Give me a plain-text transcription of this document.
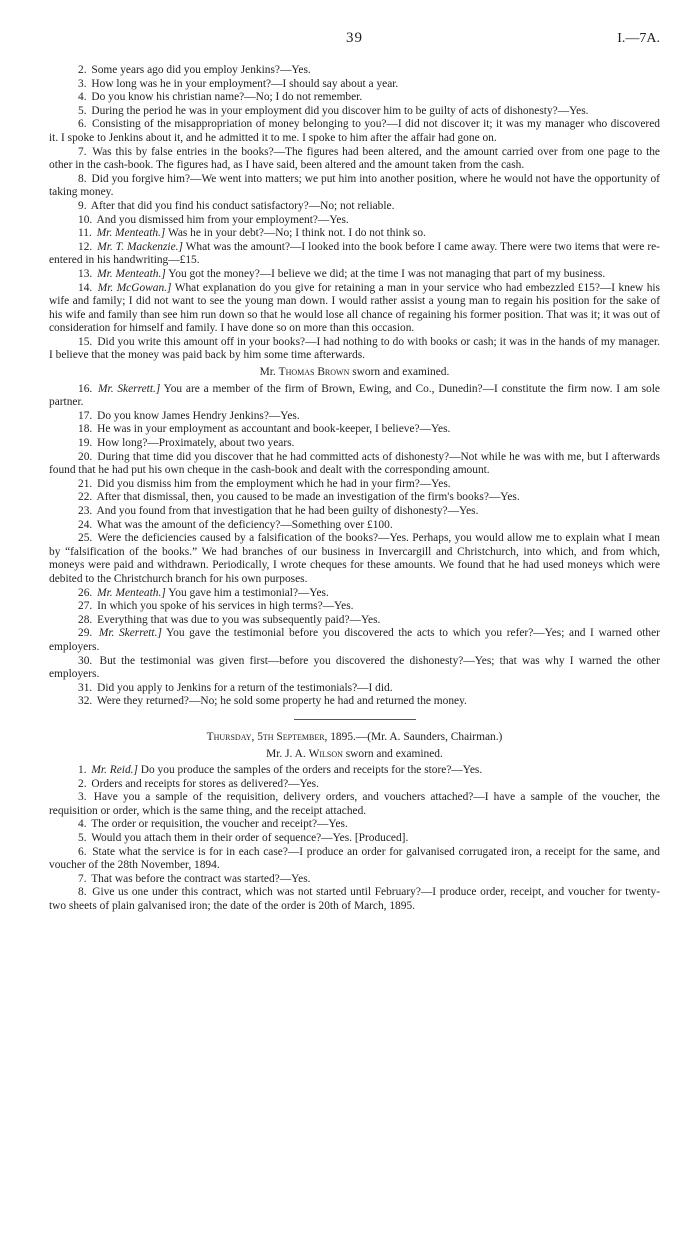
39	I.—7A.

2. Some years ago did you employ Jenkins?—Yes.

3. How long was he in your employment?—I should say about a year.

4. Do you know his christian name?—No; I do not remember.

5. During the period he was in your employment did you discover him to be guilty of acts of dishonesty?—Yes.

6. Consisting of the misappropriation of money belonging to you?—I did not discover it; it was my manager who discovered it. I spoke to Jenkins about it, and he admitted it to me. I spoke to him after the affair had gone on.

7. Was this by false entries in the books?—The figures had been altered, and the amount carried over from one page to the other in the cash-book. The figures had, as I have said, been altered and the amount taken from the cash.

8. Did you forgive him?—We went into matters; we put him into another position, where he would not have the opportunity of taking money.

9. After that did you find his conduct satisfactory?—No; not reliable.

10. And you dismissed him from your employment?—Yes.

11. Mr. Menteath.] Was he in your debt?—No; I think not. I do not think so.

12. Mr. T. Mackenzie.] What was the amount?—I looked into the book before I came away. There were two items that were re-entered in his handwriting—£15.

13. Mr. Menteath.] You got the money?—I believe we did; at the time I was not managing that part of my business.

14. Mr. McGowan.] What explanation do you give for retaining a man in your service who had embezzled £15?—I knew his wife and family; I did not want to see the young man down. I would rather assist a young man to regain his position for the sake of his wife and family than see him run down so that he would lose all chance of regaining his former position. That was it; it was out of consideration for himself and family. I have done so on more than this occasion.

15. Did you write this amount off in your books?—I had nothing to do with books or cash; it was in the hands of my manager. I believe that the money was paid back by him some time afterwards.

Mr. Thomas Brown sworn and examined.

16. Mr. Skerrett.] You are a member of the firm of Brown, Ewing, and Co., Dunedin?—I constitute the firm now. I am sole partner.

17. Do you know James Hendry Jenkins?—Yes.

18. He was in your employment as accountant and book-keeper, I believe?—Yes.

19. How long?—Proximately, about two years.

20. During that time did you discover that he had committed acts of dishonesty?—Not while he was with me, but I afterwards found that he had put his own cheque in the cash-book and dealt with the corresponding amount.

21. Did you dismiss him from the employment which he had in your firm?—Yes.

22. After that dismissal, then, you caused to be made an investigation of the firm's books?—Yes.

23. And you found from that investigation that he had been guilty of dishonesty?—Yes.

24. What was the amount of the deficiency?—Something over £100.

25. Were the deficiencies caused by a falsification of the books?—Yes. Perhaps, you would allow me to explain what I mean by “falsification of the books.” We had branches of our business in Invercargill and Christchurch, into which, and from which, moneys were paid and withdrawn. Periodically, I wrote cheques for these amounts. We found that he had used moneys which were debited to the Christchurch branch for his own purposes.

26. Mr. Menteath.] You gave him a testimonial?—Yes.

27. In which you spoke of his services in high terms?—Yes.

28. Everything that was due to you was subsequently paid?—Yes.

29. Mr. Skerrett.] You gave the testimonial before you discovered the acts to which you refer?—Yes; and I warned other employers.

30. But the testimonial was given first—before you discovered the dishonesty?—Yes; that was why I warned the other employers.

31. Did you apply to Jenkins for a return of the testimonials?—I did.

32. Were they returned?—No; he sold some property he had and returned the money.

Thursday, 5th September, 1895.—(Mr. A. Saunders, Chairman.)

Mr. J. A. Wilson sworn and examined.

1. Mr. Reid.] Do you produce the samples of the orders and receipts for the store?—Yes.

2. Orders and receipts for stores as delivered?—Yes.

3. Have you a sample of the requisition, delivery orders, and vouchers attached?—I have a sample of the voucher, the requisition or order, which is the same thing, and the receipt attached.

4. The order or requisition, the voucher and receipt?—Yes.

5. Would you attach them in their order of sequence?—Yes. [Produced].

6. State what the service is for in each case?—I produce an order for galvanised corrugated iron, a receipt for the same, and voucher of the 28th November, 1894.

7. That was before the contract was started?—Yes.

8. Give us one under this contract, which was not started until February?—I produce order, receipt, and voucher for twenty-two sheets of plain galvanised iron; the date of the order is 20th of March, 1895.
